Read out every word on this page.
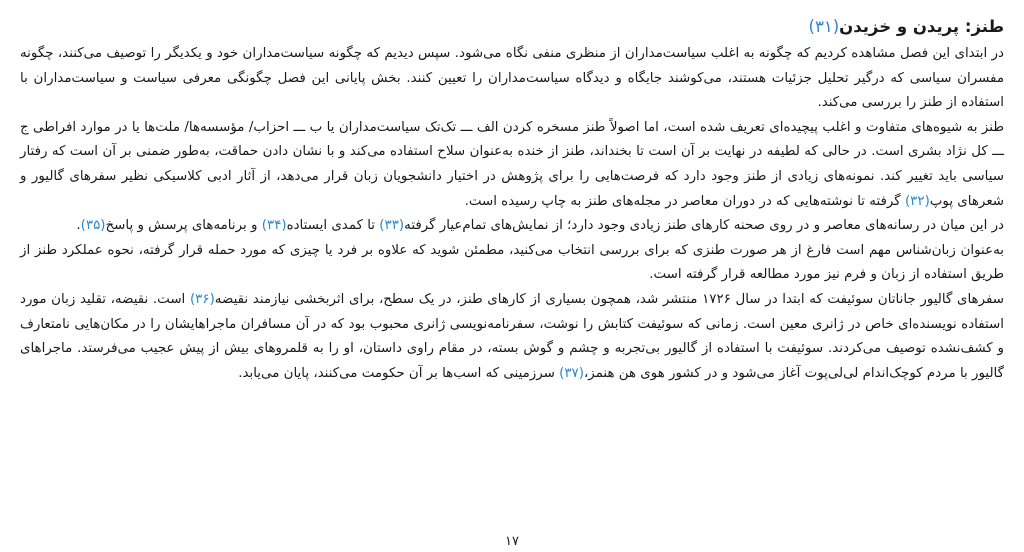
طنز: پریدن و خزیدن(۳۱)

در ابتدای این فصل مشاهده کردیم که چگونه به اغلب سیاست‌مداران از منظری منفی نگاه می‌شود. سپس دیدیم که چگونه سیاست‌مداران خود و یکدیگر را توصیف می‌کنند، چگونه مفسران سیاسی که درگیر تحلیل جزئیات هستند، می‌کوشند جایگاه و دیدگاه سیاست‌مداران را تعیین کنند. بخش پایانی این فصل چگونگی معرفی سیاست و سیاست‌مداران با استفاده از طنز را بررسی می‌کند.

طنز به شیوه‌های متفاوت و اغلب پیچیده‌ای تعریف شده است، اما اصولاً طنز مسخره کردن الف ـــ تک‌تک سیاست‌مداران یا ب ـــ احزاب/ مؤسسه‌ها/ ملت‌ها یا در موارد افراطی ج ـــ کل نژاد بشری است. در حالی که لطیفه در نهایت بر آن است تا بخنداند، طنز از خنده به‌عنوان سلاح استفاده می‌کند و با نشان دادن حماقت، به‌طور ضمنی بر آن است که رفتار سیاسی باید تغییر کند. نمونه‌های زیادی از طنز وجود دارد که فرصت‌هایی را برای پژوهش در اختیار دانشجویان زبان قرار می‌دهد، از آثار ادبی کلاسیکی نظیر سفرهای گالیور و شعرهای پوپ(۳۲) گرفته تا نوشته‌هایی که در دوران معاصر در مجله‌های طنز به چاپ رسیده است.

در این میان در رسانه‌های معاصر و در روی صحنه کارهای طنز زیادی وجود دارد؛ از نمایش‌های تمام‌عیار گرفته(۳۳) تا کمدی ایستاده(۳۴) و برنامه‌های پرسش و پاسخ(۳۵).

به‌عنوان زبان‌شناس مهم است فارغ از هر صورت طنزی که برای بررسی انتخاب می‌کنید، مطمئن شوید که علاوه بر فرد یا چیزی که مورد حمله قرار گرفته، نحوه عملکرد طنز از طریق استفاده از زبان و فرم نیز مورد مطالعه قرار گرفته است.

سفرهای گالیور جاناتان سوئیفت که ابتدا در سال ۱۷۲۶ منتشر شد، همچون بسیاری از کارهای طنز، در یک سطح، برای اثربخشی نیازمند نقیضه(۳۶) است. نقیضه، تقلید زبان مورد استفاده نویسنده‌ای خاص در ژانری معین است. زمانی که سوئیفت کتابش را نوشت، سفرنامه‌نویسی ژانری محبوب بود که در آن مسافران ماجراهایشان را در مکان‌هایی نامتعارف و کشف‌نشده توصیف می‌کردند. سوئیفت با استفاده از گالیور بی‌تجربه و چشم و گوش بسته، در مقام راوی داستان، او را به قلمروهای بیش از پیش عجیب می‌فرستد. ماجراهای گالیور با مردم کوچک‌اندام لی‌لی‌پوت آغاز می‌شود و در کشور هوی هن هنمز،(۳۷) سرزمینی که اسب‌ها بر آن حکومت می‌کنند، پایان می‌یابد.

۱۷
